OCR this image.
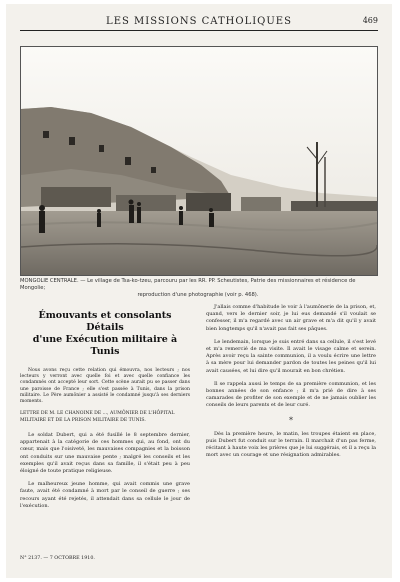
LES MISSIONS CATHOLIQUES	469
MONGOLIE CENTRALE. — Le village de Tsa-ko-tzeu, parcouru par les RR. PP. Scheutistes, Patrie des missionnaires et résidence de Mongolie;
reproduction d'une photographie (voir p. 468).
Émouvants et consolants Détails
d'une Exécution militaire à Tunis

Nous avons reçu cette relation qui émouvra, nos lecteurs ; nos lecteurs y verront avec quelle foi et avec quelle confiance les condamnés ont accepté leur sort. Cette scène aurait pu se passer dans une paroisse de France ; elle s'est passée à Tunis, dans la prison militaire. Le Père aumônier a assisté le condamné jusqu'à ses derniers moments.

LETTRE DE M. LE CHANOINE DE ..., AUMÔNIER DE L'HÔPITAL MILITAIRE ET DE LA PRISON MILITAIRE DE TUNIS.

Le soldat Dubert, qui a été fusillé le 8 septembre dernier, appartenait à la catégorie de ces hommes qui, au fond, ont du cœur, mais que l'oisiveté, les mauvaises compagnies et la boisson ont conduits sur une mauvaise pente ; malgré les conseils et les exemples qu'il avait reçus dans sa famille, il s'était peu à peu éloigné de toute pratique religieuse.

Le malheureux jeune homme, qui avait commis une grave faute, avait été condamné à mort par le conseil de guerre ; ses recours ayant été rejetés, il attendait dans sa cellule le jour de l'exécution.

J'allais comme d'habitude le voir à l'aumônerie de la prison, et, quand, vers le dernier soir, je lui eus demandé s'il voulait se confesser, il m'a regardé avec un air grave et m'a dit qu'il y avait bien longtemps qu'il n'avait pas fait ses pâques.

Le lendemain, lorsque je suis entré dans sa cellule, il s'est levé et m'a remercié de ma visite. Il avait le visage calme et serein. Après avoir reçu la sainte communion, il a voulu écrire une lettre à sa mère pour lui demander pardon de toutes les peines qu'il lui avait causées, et lui dire qu'il mourait en bon chrétien.

Il se rappela aussi le temps de sa première communion, et les bonnes années de son enfance ; il m'a prié de dire à ses camarades de profiter de son exemple et de ne jamais oublier les conseils de leurs parents et de leur curé.

*

Dès la première heure, le matin, les troupes étaient en place, puis Dubert fut conduit sur le terrain. Il marchait d'un pas ferme, récitant à haute voix les prières que je lui suggérais, et il a reçu la mort avec un courage et une résignation admirables.

N° 2137. — 7 OCTOBRE 1910.
